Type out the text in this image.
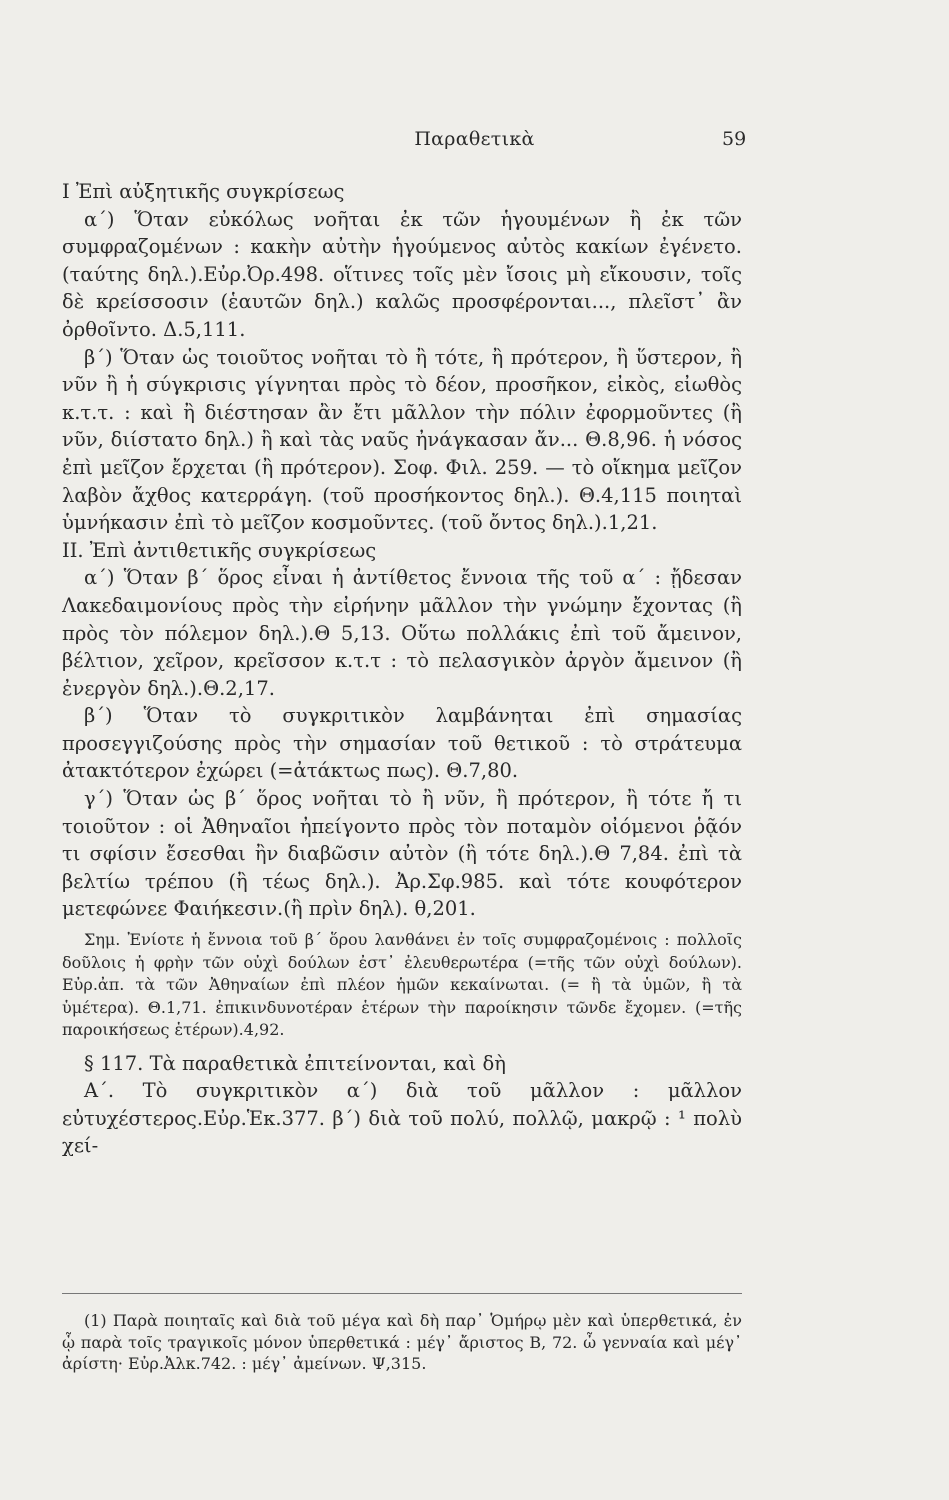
Παραθετικὰ	59

Ι Ἐπὶ αὐξητικῆς συγκρίσεως

α΄) Ὅταν εὐκόλως νοῆται ἐκ τῶν ἡγουμένων ἢ ἐκ τῶν συμφραζομένων : κακὴν αὐτὴν ἡγούμενος αὐτὸς κακίων ἐγένετο. (ταύτης δηλ.).Εὐρ.Ὀρ.498. οἵτινες τοῖς μὲν ἴσοις μὴ εἴκουσιν, τοῖς δὲ κρείσσοσιν (ἑαυτῶν δηλ.) καλῶς προσφέρονται..., πλεῖστ᾽ ἂν ὀρθοῖντο. Δ.5,111.

β΄) Ὅταν ὡς τοιοῦτος νοῆται τὸ ἢ τότε, ἢ πρότερον, ἢ ὕστερον, ἢ νῦν ἢ ἡ σύγκρισις γίγνηται πρὸς τὸ δέον, προσῆκον, εἰκὸς, εἰωθὸς κ.τ.τ. : καὶ ἢ διέστησαν ἂν ἔτι μᾶλλον τὴν πόλιν ἐφορμοῦντες (ἢ νῦν, διίστατο δηλ.) ἢ καὶ τὰς ναῦς ἠνάγκασαν ἄν... Θ.8,96. ἡ νόσος ἐπὶ μεῖζον ἔρχεται (ἢ πρότερον). Σοφ. Φιλ. 259. — τὸ οἴκημα μεῖζον λαβὸν ἄχθος κατερράγη. (τοῦ προσήκοντος δηλ.). Θ.4,115 ποιηταὶ ὑμνήκασιν ἐπὶ τὸ μεῖζον κοσμοῦντες. (τοῦ ὄντος δηλ.).1,21.

ΙΙ. Ἐπὶ ἀντιθετικῆς συγκρίσεως

α΄) Ὅταν β΄ ὅρος εἶναι ἡ ἀντίθετος ἔννοια τῆς τοῦ α΄ : ᾔδεσαν Λακεδαιμονίους πρὸς τὴν εἰρήνην μᾶλλον τὴν γνώμην ἔχοντας (ἢ πρὸς τὸν πόλεμον δηλ.).Θ 5,13. Οὕτω πολλάκις ἐπὶ τοῦ ἄμεινον, βέλτιον, χεῖρον, κρεῖσσον κ.τ.τ : τὸ πελασγικὸν ἀργὸν ἄμεινον (ἢ ἐνεργὸν δηλ.).Θ.2,17.

β΄) Ὅταν τὸ συγκριτικὸν λαμβάνηται ἐπὶ σημασίας προσεγγιζούσης πρὸς τὴν σημασίαν τοῦ θετικοῦ : τὸ στράτευμα ἀτακτότερον ἐχώρει (=ἀτάκτως πως). Θ.7,80.

γ΄) Ὅταν ὡς β΄ ὅρος νοῆται τὸ ἢ νῦν, ἢ πρότερον, ἢ τότε ἤ τι τοιοῦτον : οἱ Ἀθηναῖοι ἠπείγοντο πρὸς τὸν ποταμὸν οἰόμενοι ῥᾷόν τι σφίσιν ἔσεσθαι ἢν διαβῶσιν αὐτὸν (ἢ τότε δηλ.).Θ 7,84. ἐπὶ τὰ βελτίω τρέπου (ἢ τέως δηλ.). Ἀρ.Σφ.985. καὶ τότε κουφότερον μετεφώνεε Φαιήκεσιν.(ἢ πρὶν δηλ). θ,201.

Σημ. Ἐνίοτε ἡ ἔννοια τοῦ β΄ ὅρου λανθάνει ἐν τοῖς συμφραζομένοις : πολλοῖς δοῦλοις ἡ φρὴν τῶν οὐχὶ δούλων ἐστ᾽ ἐλευθερωτέρα (=τῆς τῶν οὐχὶ δούλων). Εὐρ.ἀπ. τὰ τῶν Ἀθηναίων ἐπὶ πλέον ἡμῶν κεκαίνωται. (= ἢ τὰ ὑμῶν, ἢ τὰ ὑμέτερα). Θ.1,71. ἐπικινδυνοτέραν ἑτέρων τὴν παροίκησιν τῶνδε ἔχομεν. (=τῆς παροικήσεως ἑτέρων).4,92.

§ 117. Τὰ παραθετικὰ ἐπιτείνονται, καὶ δὴ

Α΄. Τὸ συγκριτικὸν α΄) διὰ τοῦ μᾶλλον : μᾶλλον εὐτυχέστερος.Εὐρ.Ἑκ.377. β΄) διὰ τοῦ πολύ, πολλῷ, μακρῷ : ¹ πολὺ χεί-

(1) Παρὰ ποιηταῖς καὶ διὰ τοῦ μέγα καὶ δὴ παρ᾽ Ὁμήρῳ μὲν καὶ ὑπερθετικά, ἐν ᾧ παρὰ τοῖς τραγικοῖς μόνον ὑπερθετικά : μέγ᾽ ἄριστος Β, 72. ὦ γενναία καὶ μέγ᾽ ἀρίστη· Εὐρ.Ἀλκ.742. : μέγ᾽ ἀμείνων. Ψ,315.
